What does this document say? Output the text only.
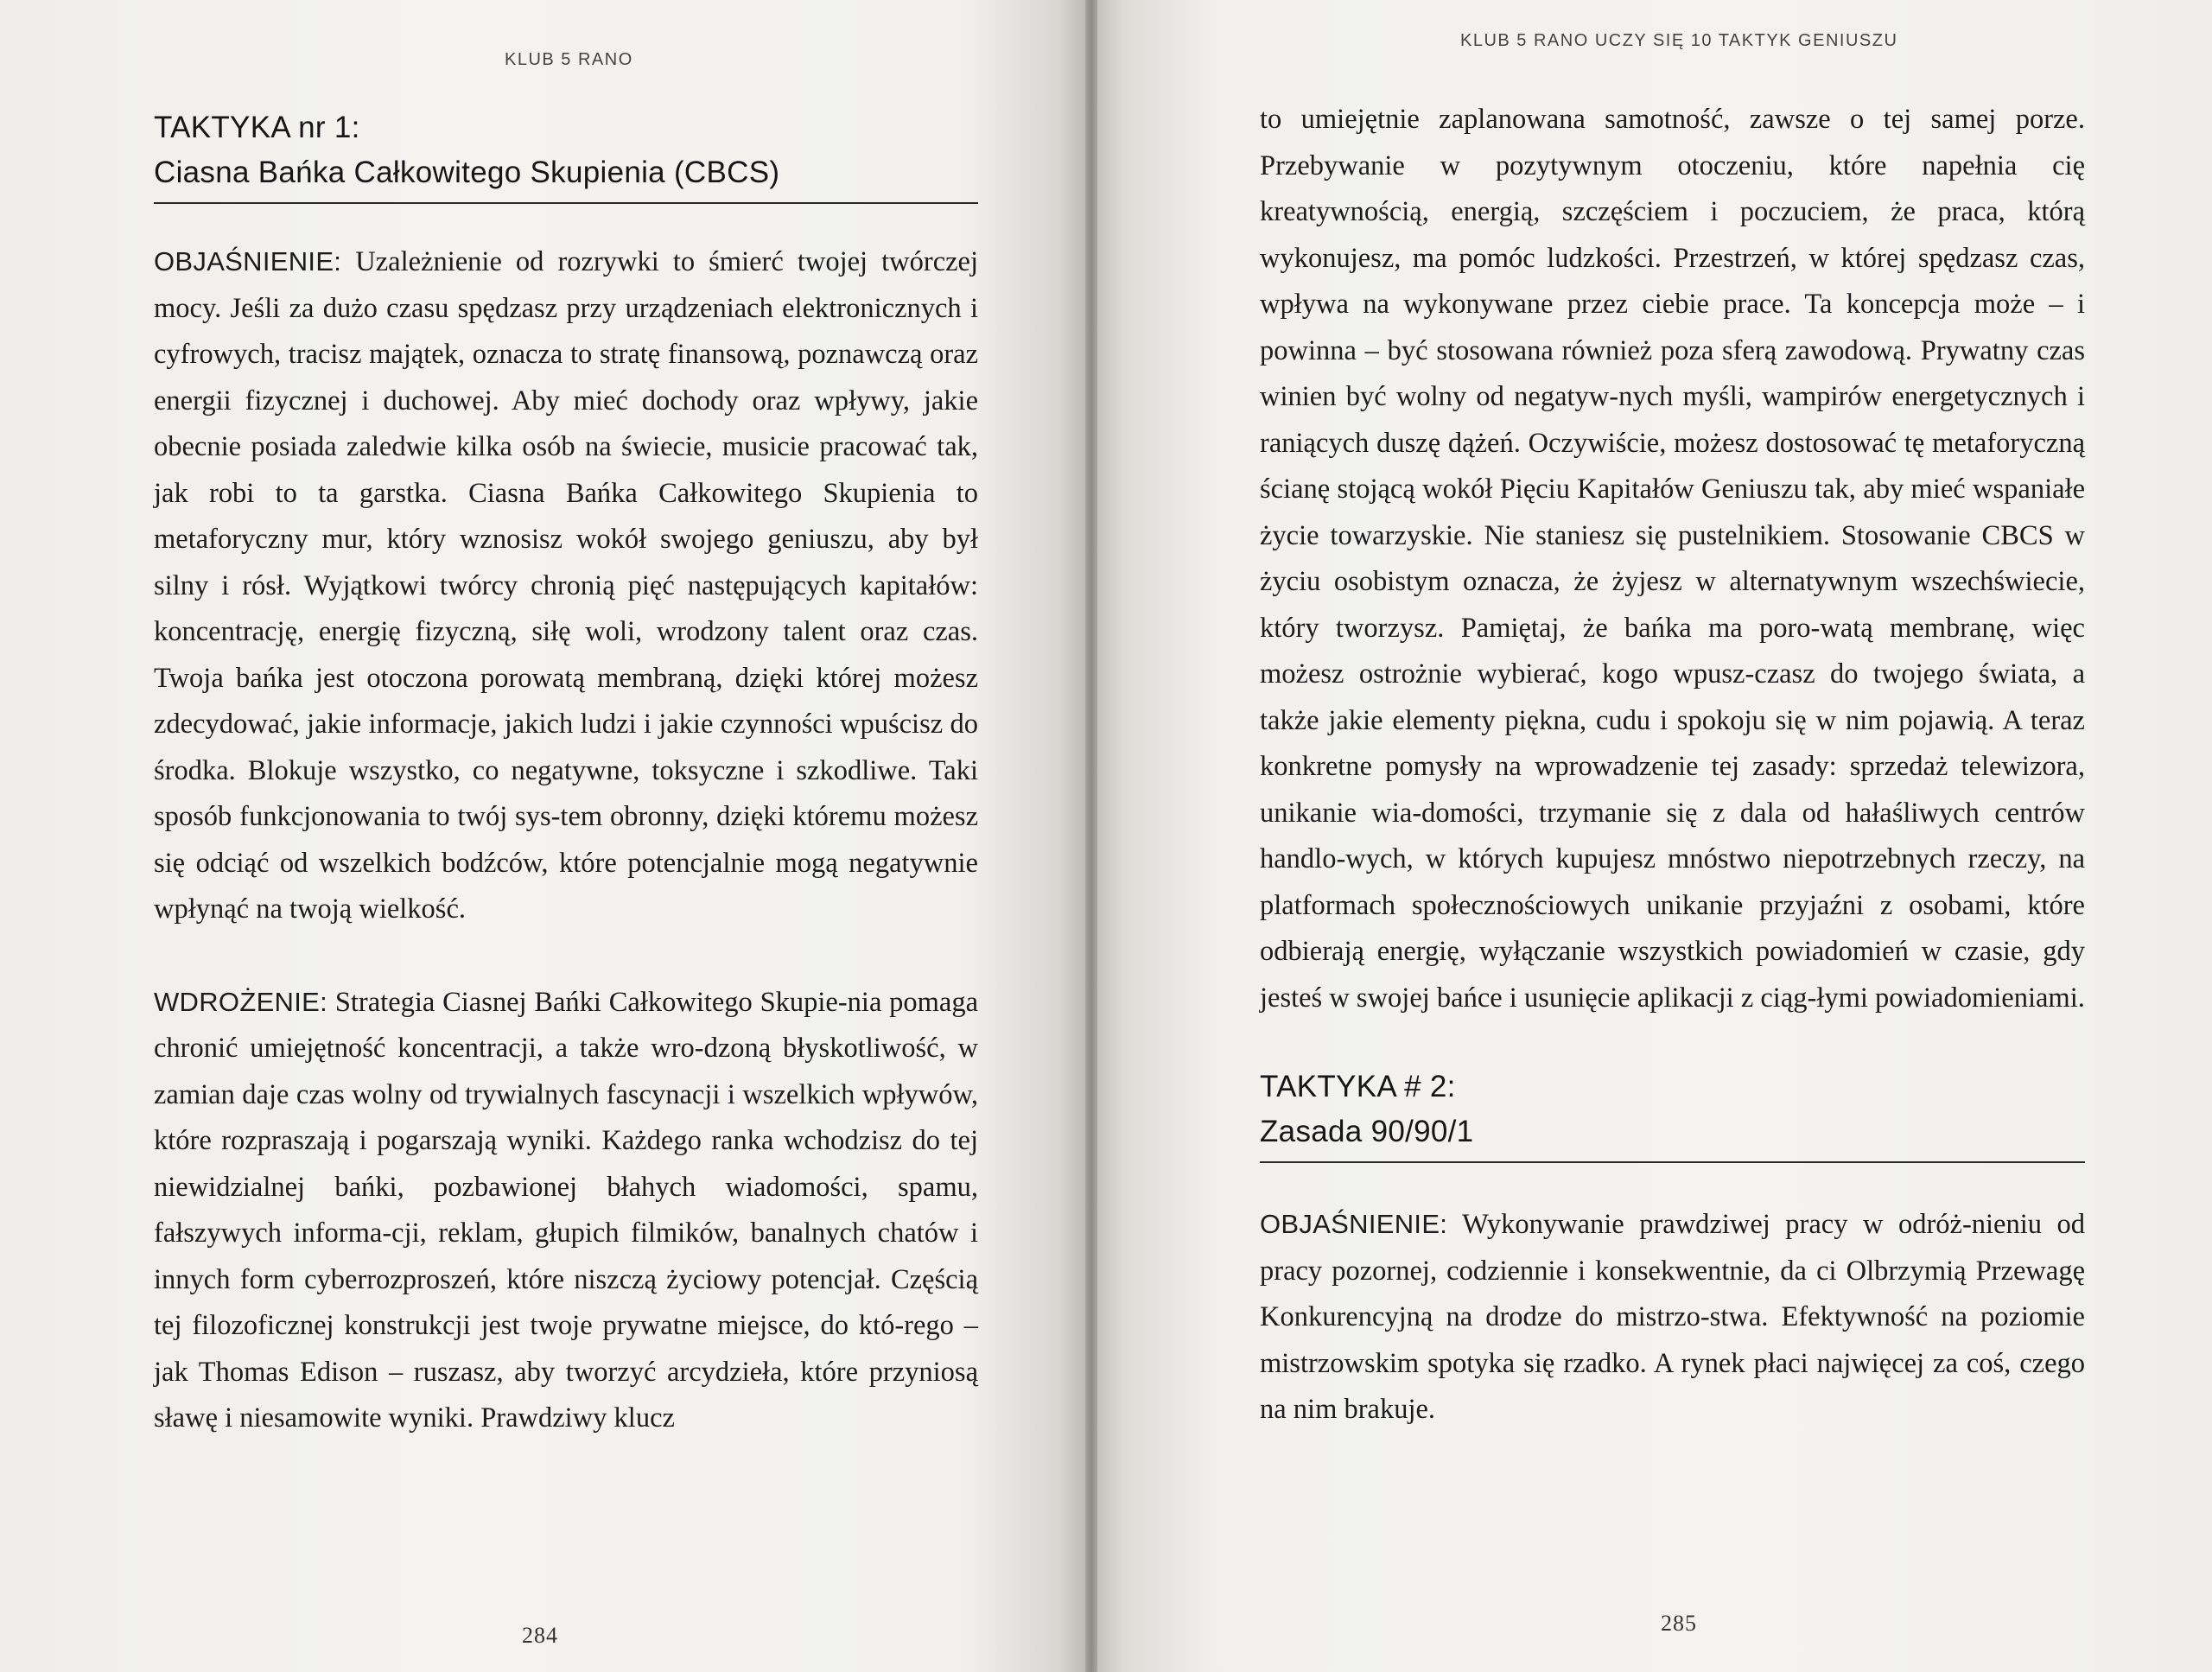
KLUB 5 RANO
TAKTYKA nr 1:
Ciasna Bańka Całkowitego Skupienia (CBCS)

OBJAŚNIENIE: Uzależnienie od rozrywki to śmierć twojej twórczej mocy. Jeśli za dużo czasu spędzasz przy urządzeniach elektronicznych i cyfrowych, tracisz majątek, oznacza to stratę finansową, poznawczą oraz energii fizycznej i duchowej. Aby mieć dochody oraz wpływy, jakie obecnie posiada zaledwie kilka osób na świecie, musicie pracować tak, jak robi to ta garstka. Ciasna Bańka Całkowitego Skupienia to metaforyczny mur, który wznosisz wokół swojego geniuszu, aby był silny i rósł. Wyjątkowi twórcy chronią pięć następujących kapitałów: koncentrację, energię fizyczną, siłę woli, wrodzony talent oraz czas. Twoja bańka jest otoczona porowatą membraną, dzięki której możesz zdecydować, jakie informacje, jakich ludzi i jakie czynności wpuścisz do środka. Blokuje wszystko, co negatywne, toksyczne i szkodliwe. Taki sposób funkcjonowania to twój sys-tem obronny, dzięki któremu możesz się odciąć od wszelkich bodźców, które potencjalnie mogą negatywnie wpłynąć na twoją wielkość.

WDROŻENIE: Strategia Ciasnej Bańki Całkowitego Skupie-nia pomaga chronić umiejętność koncentracji, a także wro-dzoną błyskotliwość, w zamian daje czas wolny od trywialnych fascynacji i wszelkich wpływów, które rozpraszają i pogarszają wyniki. Każdego ranka wchodzisz do tej niewidzialnej bańki, pozbawionej błahych wiadomości, spamu, fałszywych informa-cji, reklam, głupich filmików, banalnych chatów i innych form cyberrozproszeń, które niszczą życiowy potencjał. Częścią tej filozoficznej konstrukcji jest twoje prywatne miejsce, do któ-rego – jak Thomas Edison – ruszasz, aby tworzyć arcydzieła, które przyniosą sławę i niesamowite wyniki. Prawdziwy klucz

284
KLUB 5 RANO UCZY SIĘ 10 TAKTYK GENIUSZU

to umiejętnie zaplanowana samotność, zawsze o tej samej porze. Przebywanie w pozytywnym otoczeniu, które napełnia cię kreatywnością, energią, szczęściem i poczuciem, że praca, którą wykonujesz, ma pomóc ludzkości. Przestrzeń, w której spędzasz czas, wpływa na wykonywane przez ciebie prace. Ta koncepcja może – i powinna – być stosowana również poza sferą zawodową. Prywatny czas winien być wolny od negatyw-nych myśli, wampirów energetycznych i raniących duszę dążeń. Oczywiście, możesz dostosować tę metaforyczną ścianę stojącą wokół Pięciu Kapitałów Geniuszu tak, aby mieć wspaniałe życie towarzyskie. Nie staniesz się pustelnikiem. Stosowanie CBCS w życiu osobistym oznacza, że żyjesz w alternatywnym wszechświecie, który tworzysz. Pamiętaj, że bańka ma poro-watą membranę, więc możesz ostrożnie wybierać, kogo wpusz-czasz do twojego świata, a także jakie elementy piękna, cudu i spokoju się w nim pojawią. A teraz konkretne pomysły na wprowadzenie tej zasady: sprzedaż telewizora, unikanie wia-domości, trzymanie się z dala od hałaśliwych centrów handlo-wych, w których kupujesz mnóstwo niepotrzebnych rzeczy, na platformach społecznościowych unikanie przyjaźni z osobami, które odbierają energię, wyłączanie wszystkich powiadomień w czasie, gdy jesteś w swojej bańce i usunięcie aplikacji z ciąg-łymi powiadomieniami.

TAKTYKA # 2:
Zasada 90/90/1

OBJAŚNIENIE: Wykonywanie prawdziwej pracy w odróż-nieniu od pracy pozornej, codziennie i konsekwentnie, da ci Olbrzymią Przewagę Konkurencyjną na drodze do mistrzo-stwa. Efektywność na poziomie mistrzowskim spotyka się rzadko. A rynek płaci najwięcej za coś, czego na nim brakuje.

285
